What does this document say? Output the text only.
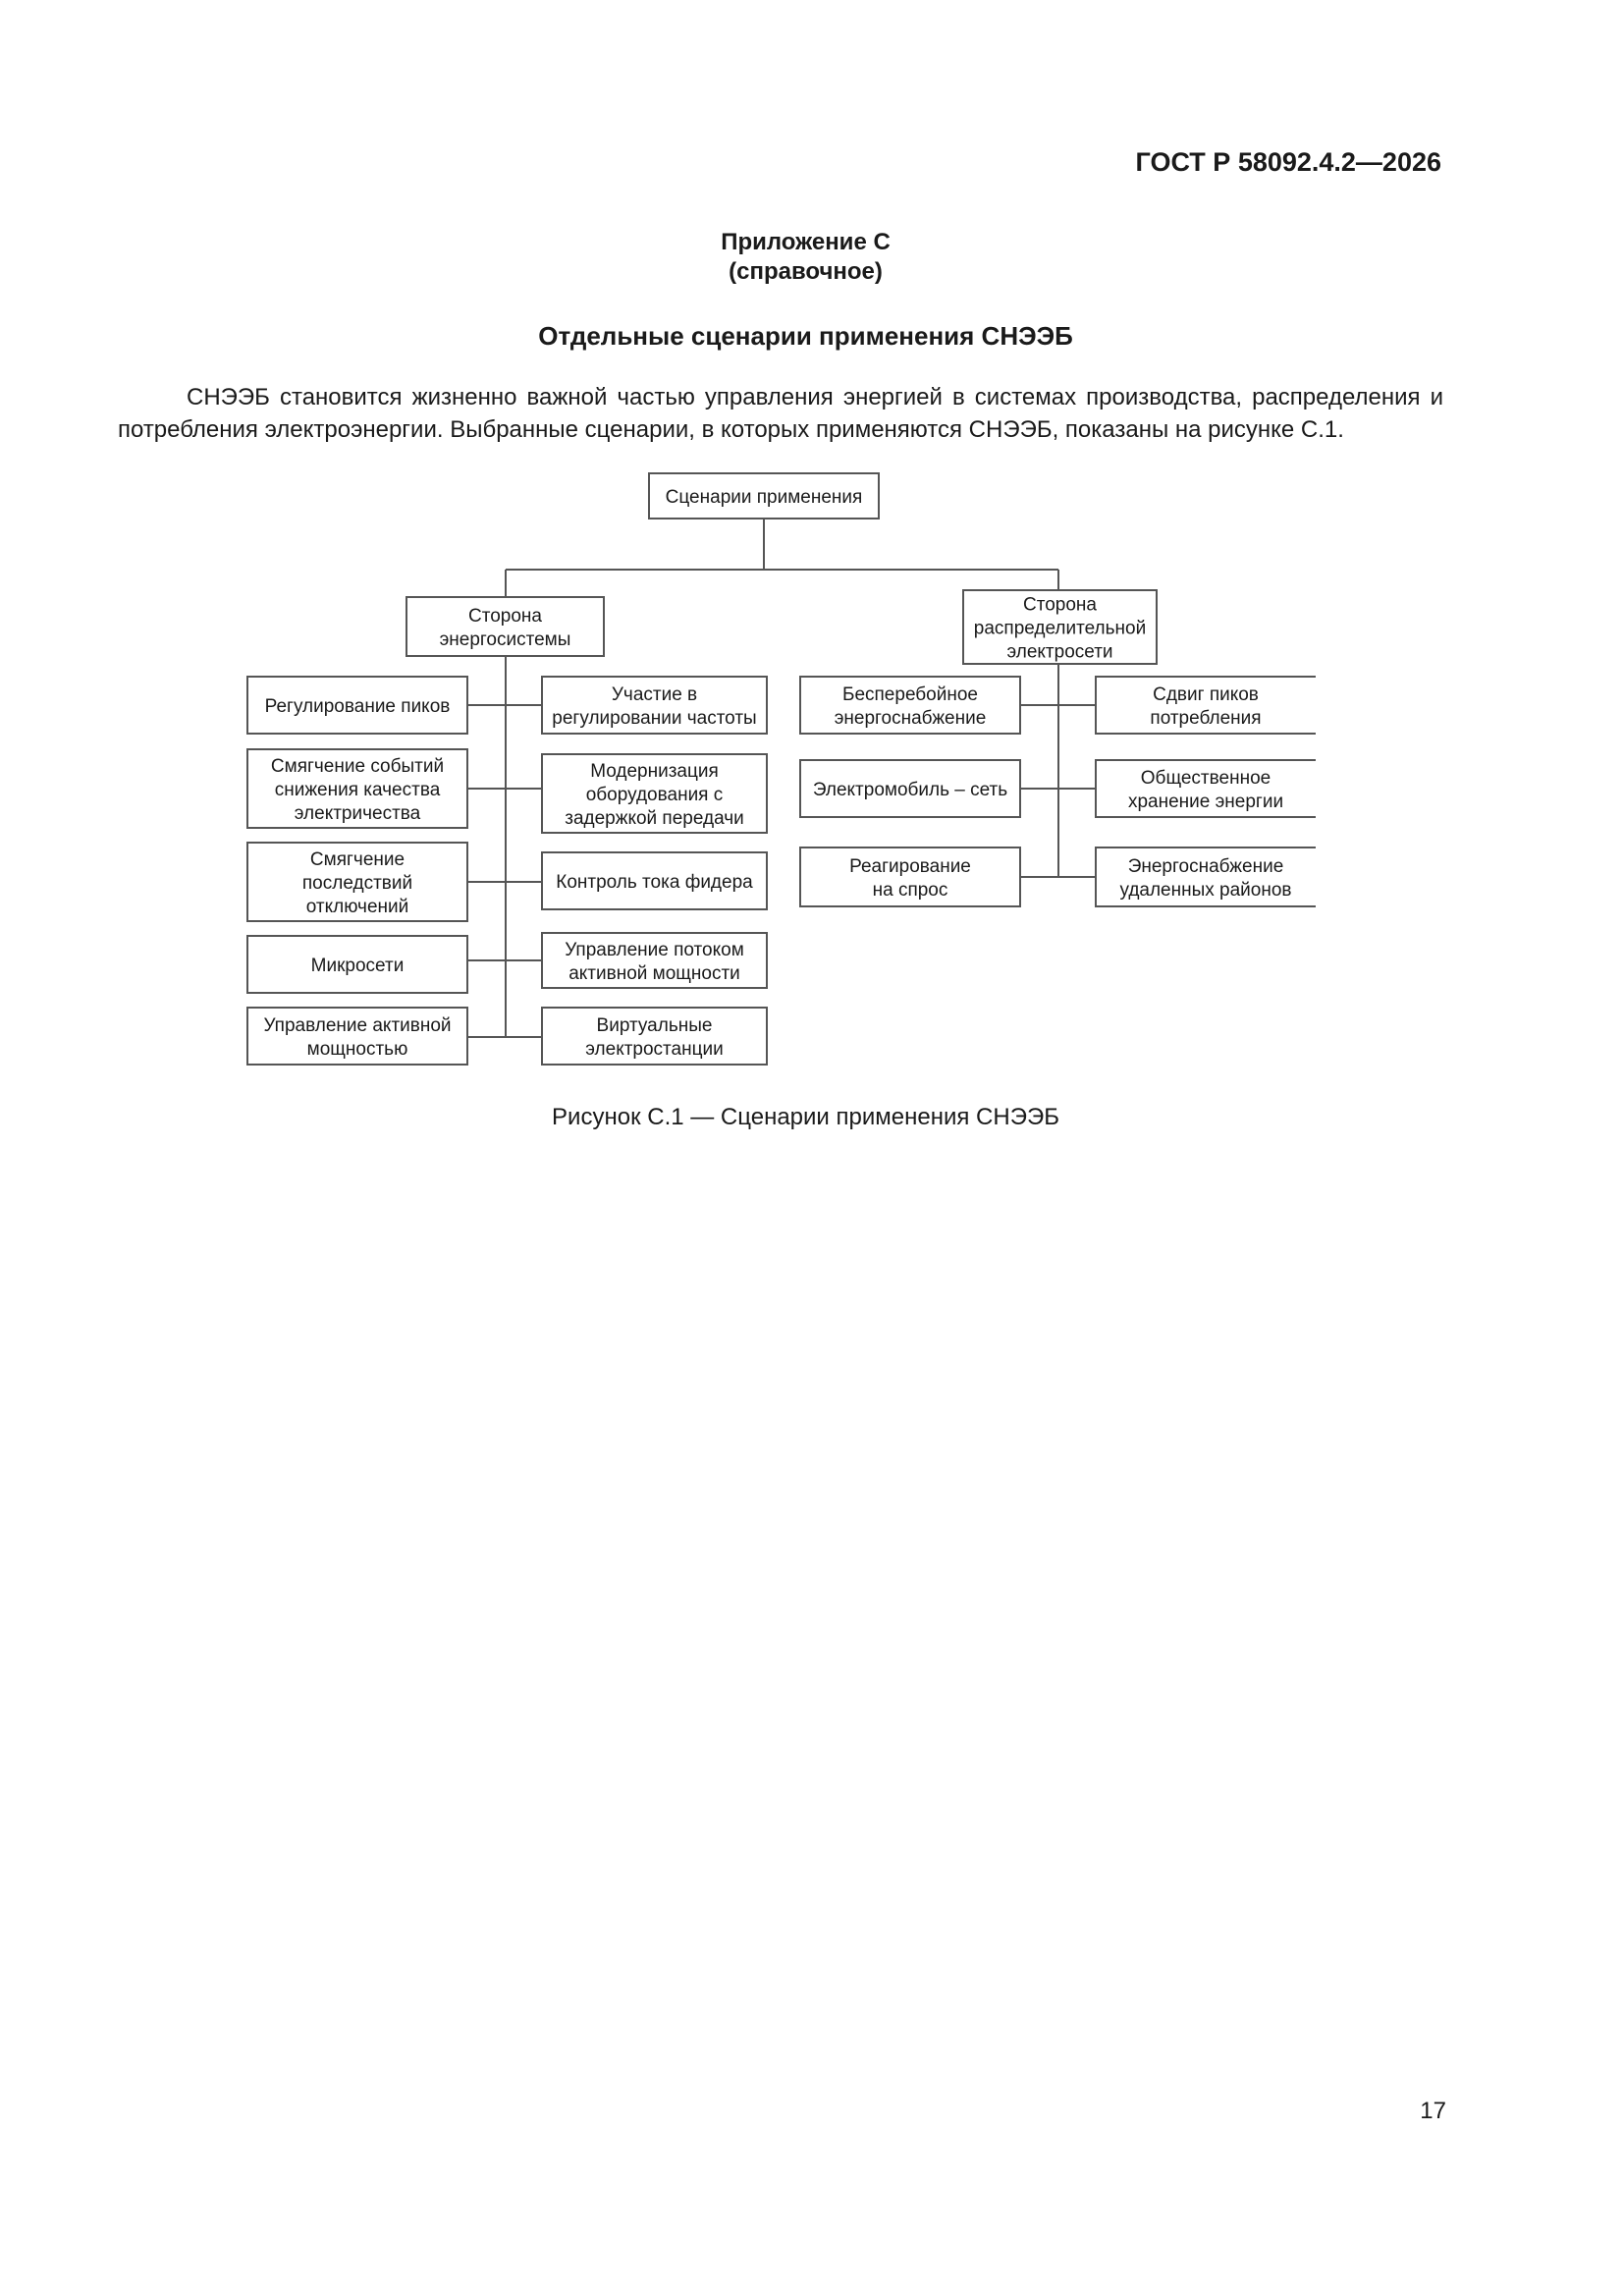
ГОСТ Р 58092.4.2—2026
Приложение С
(справочное)
Отдельные сценарии применения СНЭЭБ
СНЭЭБ становится жизненно важной частью управления энергией в системах производства, распределения и потребления электроэнергии. Выбранные сценарии, в которых применяются СНЭЭБ, показаны на рисунке С.1.
Сценарии применения
Сторона энергосистемы
Сторона распределительной электросети
Регулирование пиков
Смягчение событий снижения качества электричества
Смягчение последствий отключений
Микросети
Управление активной мощностью
Участие в регулировании частоты
Модернизация оборудования с задержкой передачи
Контроль тока фидера
Управление потоком активной мощности
Виртуальные электростанции
Бесперебойное энергоснабжение
Электромобиль – сеть
Реагирование на спрос
Сдвиг пиков потребления
Общественное хранение энергии
Энергоснабжение удаленных районов
Рисунок С.1 — Сценарии применения СНЭЭБ
17
